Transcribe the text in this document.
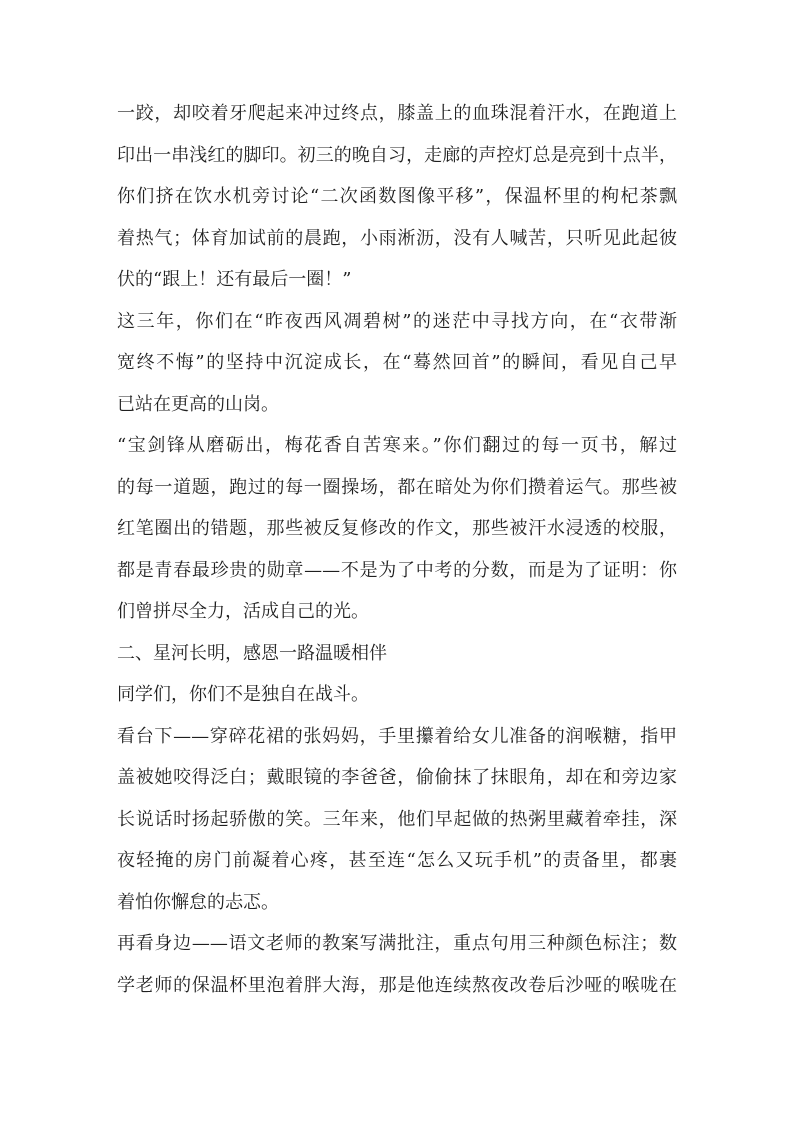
一跤，却咬着牙爬起来冲过终点，膝盖上的血珠混着汗水，在跑道上
印出一串浅红的脚印。初三的晚自习，走廊的声控灯总是亮到十点半，
你们挤在饮水机旁讨论“二次函数图像平移”，保温杯里的枸杞茶飘
着热气；体育加试前的晨跑，小雨淅沥，没有人喊苦，只听见此起彼
伏的“跟上！还有最后一圈！”
这三年，你们在“昨夜西风凋碧树”的迷茫中寻找方向，在“衣带渐
宽终不悔”的坚持中沉淀成长，在“蓦然回首”的瞬间，看见自己早
已站在更高的山岗。
“宝剑锋从磨砺出，梅花香自苦寒来。”你们翻过的每一页书，解过
的每一道题，跑过的每一圈操场，都在暗处为你们攒着运气。那些被
红笔圈出的错题，那些被反复修改的作文，那些被汗水浸透的校服，
都是青春最珍贵的勋章——不是为了中考的分数，而是为了证明：你
们曾拼尽全力，活成自己的光。
二、星河长明，感恩一路温暖相伴
同学们，你们不是独自在战斗。
看台下——穿碎花裙的张妈妈，手里攥着给女儿准备的润喉糖，指甲
盖被她咬得泛白；戴眼镜的李爸爸，偷偷抹了抹眼角，却在和旁边家
长说话时扬起骄傲的笑。三年来，他们早起做的热粥里藏着牵挂，深
夜轻掩的房门前凝着心疼，甚至连“怎么又玩手机”的责备里，都裹
着怕你懈怠的忐忑。
再看身边——语文老师的教案写满批注，重点句用三种颜色标注；数
学老师的保温杯里泡着胖大海，那是他连续熬夜改卷后沙哑的喉咙在
